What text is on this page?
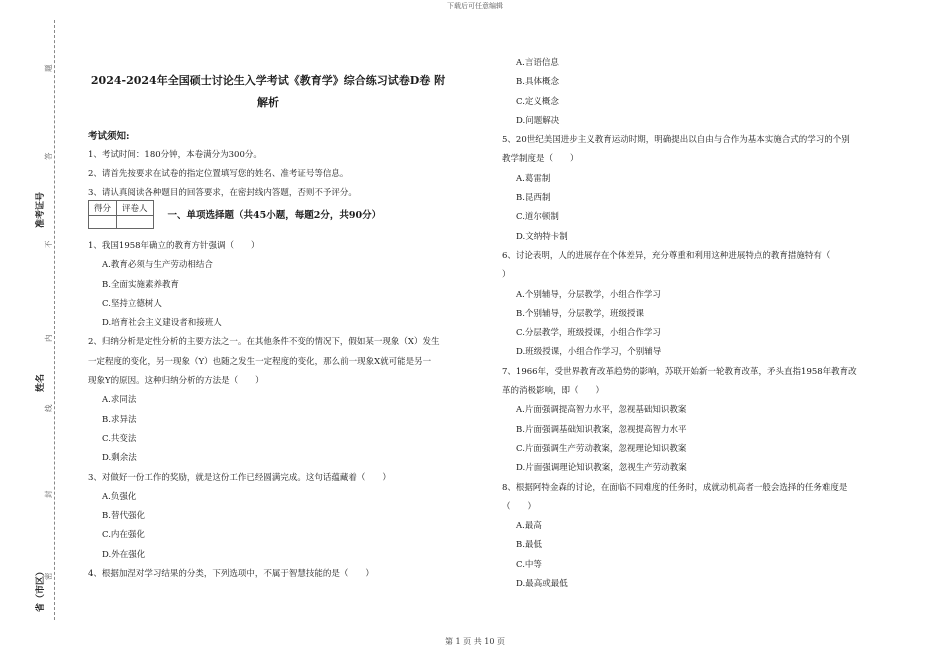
下载后可任意编辑
题
答
准考证号
不
内
姓名
线
封
省（市区）
密
2024-2024年全国硕士讨论生入学考试《教育学》综合练习试卷D卷 附
解析

考试须知:

1、考试时间：180分钟，本卷满分为300分。

2、请首先按要求在试卷的指定位置填写您的姓名、准考证号等信息。

3、请认真阅读各种题目的回答要求，在密封线内答题，否则不予评分。

得分	评卷人

一、单项选择题（共45小题，每题2分，共90分）

1、我国1958年确立的教育方针强调（　　）

A.教育必须与生产劳动相结合

B.全面实施素养教育

C.坚持立德树人

D.培育社会主义建设者和接班人

2、归纳分析是定性分析的主要方法之一。在其他条件不变的情况下，假如某一现象（X）发生

一定程度的变化，另一现象（Y）也随之发生一定程度的变化，那么前一现象X就可能是另一

现象Y的原因。这种归纳分析的方法是（　　）

A.求同法

B.求异法

C.共变法

D.剩余法

3、对做好一份工作的奖励，就是这份工作已经圆满完成。这句话蕴藏着（　　）

A.负强化

B.替代强化

C.内在强化

D.外在强化

4、根据加涅对学习结果的分类，下列选项中，不属于智慧技能的是（　　）

A.言语信息

B.具体概念

C.定义概念

D.问题解决

5、20世纪美国进步主义教育运动时期，明确提出以自由与合作为基本实施合式的学习的个别

教学制度是（　　）

A.葛雷制

B.昆西制

C.道尔顿制

D.文纳特卡制

6、讨论表明，人的进展存在个体差异，充分尊重和利用这种进展特点的教育措施特有（

）

A.个别辅导，分层教学，小组合作学习

B.个别辅导，分层教学，班级授课

C.分层教学，班级授课，小组合作学习

D.班级授课，小组合作学习，个别辅导

7、1966年，受世界教育改革趋势的影响，苏联开始新一轮教育改革，矛头直指1958年教育改

革的消极影响，即（　　）

A.片面强调提高智力水平，忽视基础知识教案

B.片面强调基础知识教案，忽视提高智力水平

C.片面强调生产劳动教案，忽视理论知识教案

D.片面强调理论知识教案，忽视生产劳动教案

8、根据阿特金森的讨论，在面临不同难度的任务时，成就动机高者一般会选择的任务难度是

（　　）

A.最高

B.最低

C.中等

D.最高或最低

第 1 页 共 10 页
